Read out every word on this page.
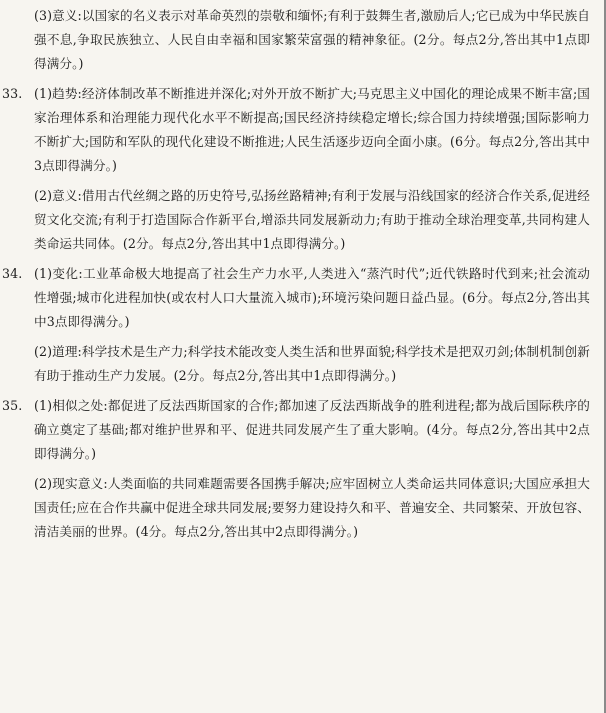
(3)意义:以国家的名义表示对革命英烈的崇敬和缅怀;有利于鼓舞生者,激励后人;它已成为中华民族自强不息,争取民族独立、人民自由幸福和国家繁荣富强的精神象征。(2分。每点2分,答出其中1点即得满分。)
33. (1)趋势:经济体制改革不断推进并深化;对外开放不断扩大;马克思主义中国化的理论成果不断丰富;国家治理体系和治理能力现代化水平不断提高;国民经济持续稳定增长;综合国力持续增强;国际影响力不断扩大;国防和军队的现代化建设不断推进;人民生活逐步迈向全面小康。(6分。每点2分,答出其中3点即得满分。)
(2)意义:借用古代丝绸之路的历史符号,弘扬丝路精神;有利于发展与沿线国家的经济合作关系,促进经贸文化交流;有利于打造国际合作新平台,增添共同发展新动力;有助于推动全球治理变革,共同构建人类命运共同体。(2分。每点2分,答出其中1点即得满分。)
34. (1)变化:工业革命极大地提高了社会生产力水平,人类进入“蒸汽时代”;近代铁路时代到来;社会流动性增强;城市化进程加快(或农村人口大量流入城市);环境污染问题日益凸显。(6分。每点2分,答出其中3点即得满分。)
(2)道理:科学技术是生产力;科学技术能改变人类生活和世界面貌;科学技术是把双刃剑;体制机制创新有助于推动生产力发展。(2分。每点2分,答出其中1点即得满分。)
35. (1)相似之处:都促进了反法西斯国家的合作;都加速了反法西斯战争的胜利进程;都为战后国际秩序的确立奠定了基础;都对维护世界和平、促进共同发展产生了重大影响。(4分。每点2分,答出其中2点即得满分。)
(2)现实意义:人类面临的共同难题需要各国携手解决;应牢固树立人类命运共同体意识;大国应承担大国责任;应在合作共赢中促进全球共同发展;要努力建设持久和平、普遍安全、共同繁荣、开放包容、清洁美丽的世界。(4分。每点2分,答出其中2点即得满分。)
